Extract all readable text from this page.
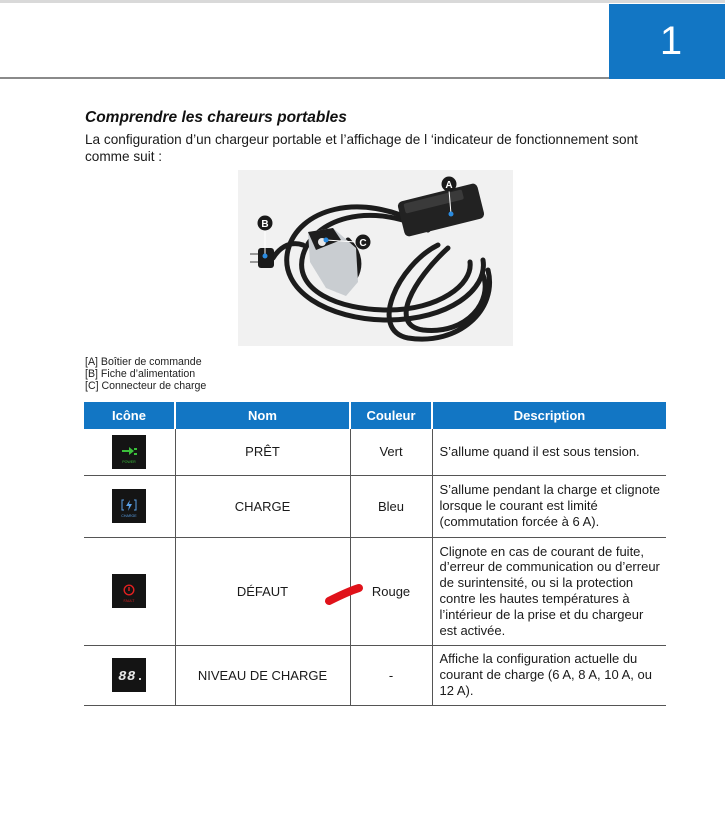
1
Comprendre les chareurs portables
La configuration d’un chargeur portable et l’affichage de l ‘indicateur de fonctionnement sont comme suit :
A
B
C
[A] Boîtier de commande
[B] Fiche d’alimentation
[C] Connecteur de charge
Icône	Nom	Couleur	Description

POWER	PRÊT	Vert	S’allume quand il est sous tension.

CHARGE	CHARGE	Bleu	S’allume pendant la charge et clignote lorsque le courant est limité (commutation forcée à 6 A).

FAULT	DÉFAUT	Rouge	Clignote en cas de courant de fuite, d’erreur de communication ou d’erreur de surintensité, ou si la protection contre les hautes températures à l’intérieur de la prise et du chargeur est activée.

88	NIVEAU DE CHARGE	-	Affiche la configuration actuelle du courant de charge (6 A, 8 A, 10 A, ou 12 A).
